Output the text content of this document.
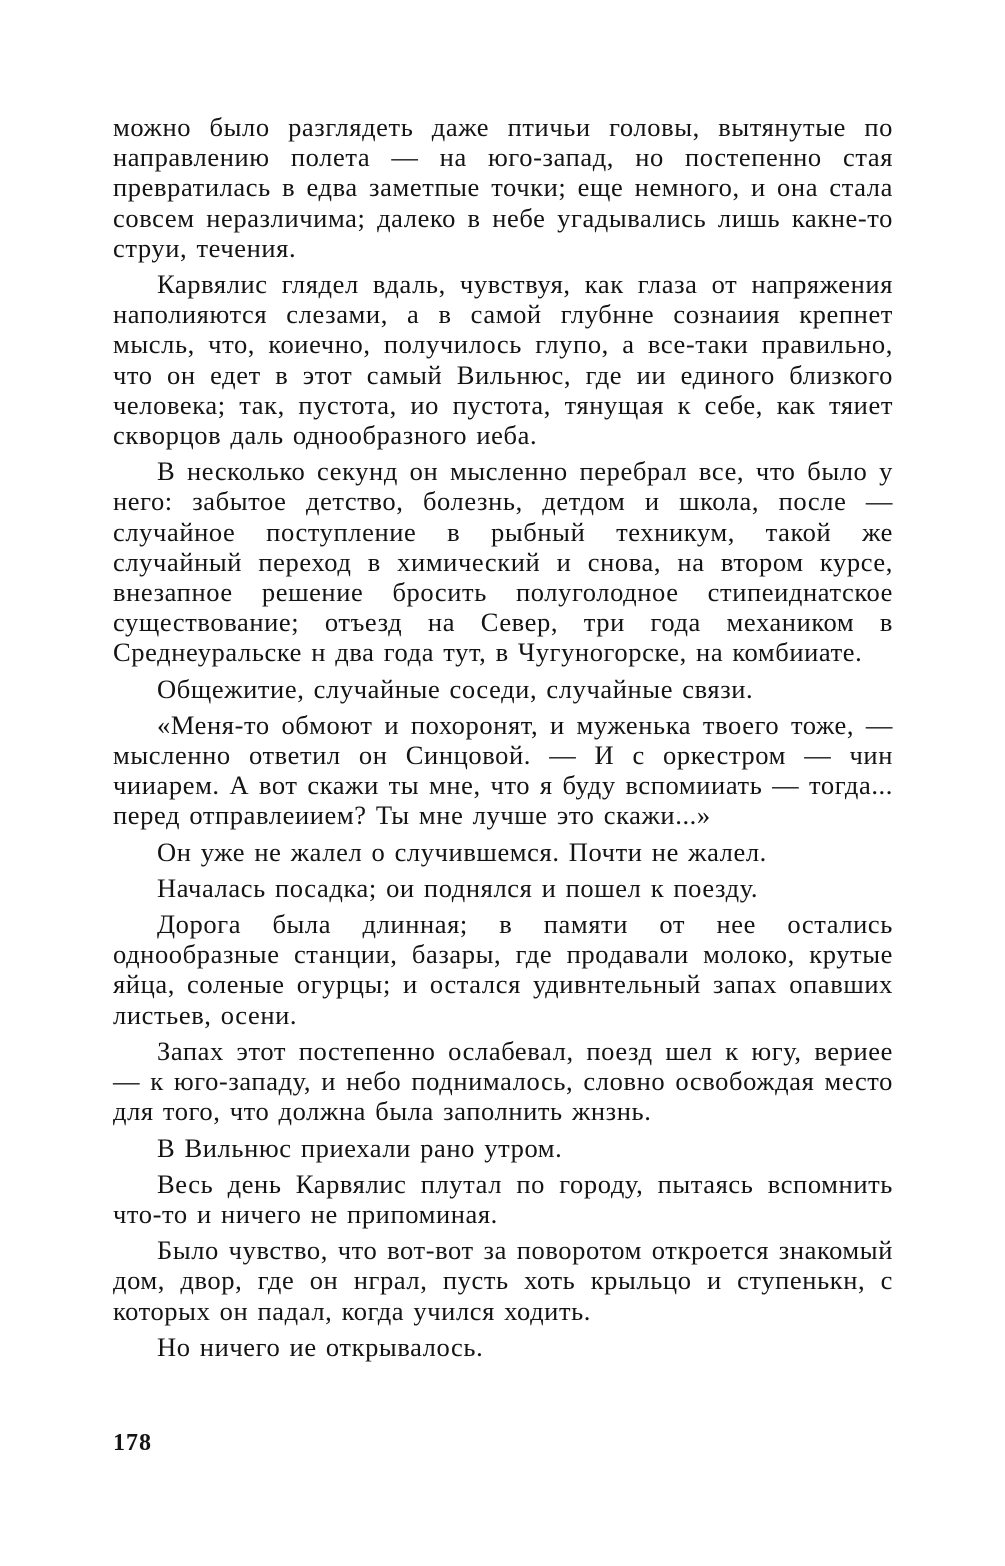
можно было разглядеть даже птичьи головы, вытянутые по направлению полета — на юго-запад, но постепенно стая превратилась в едва заметпые точки; еще немного, и она стала совсем неразличима; далеко в небе угадывались лишь какне-то струи, течения.

Карвялис глядел вдаль, чувствуя, как глаза от напряжения наполияются слезами, а в самой глубнне сознаиия крепнет мысль, что, коиечно, получилось глупо, а все-таки правильно, что он едет в этот самый Вильнюс, где ии единого близкого человека; так, пустота, ио пустота, тянущая к себе, как тяиет скворцов даль однообразного иеба.

В несколько секунд он мысленно перебрал все, что было у него: забытое детство, болезнь, детдом и школа, после — случайное поступление в рыбный техникум, такой же случайный переход в химический и снова, на втором курсе, внезапное решение бросить полуголодное стипеиднатское существование; отъезд на Север, три года механиком в Среднеуральске н два года тут, в Чугуногорске, на комбииате.

Общежитие, случайные соседи, случайные связи.

«Меня-то обмоют и похоронят, и муженька твоего тоже, — мысленно ответил он Синцовой. — И с оркестром — чин чииарем. А вот скажи ты мне, что я буду вспомииать — тогда... перед отправлеиием? Ты мне лучше это скажи...»

Он уже не жалел о случившемся. Почти не жалел.

Началась посадка; ои поднялся и пошел к поезду.

Дорога была длинная; в памяти от нее остались однообразные станции, базары, где продавали молоко, крутые яйца, соленые огурцы; и остался удивнтельный запах опавших листьев, осени.

Запах этот постепенно ослабевал, поезд шел к югу, вериее — к юго-западу, и небо поднималось, словно освобождая место для того, что должна была заполнить жнзнь.

В Вильнюс приехали рано утром.

Весь день Карвялис плутал по городу, пытаясь вспомнить что-то и ничего не припоминая.

Было чувство, что вот-вот за поворотом откроется знакомый дом, двор, где он нграл, пусть хоть крыльцо и ступенькн, с которых он падал, когда учился ходить.

Но ничего ие открывалось.

178
